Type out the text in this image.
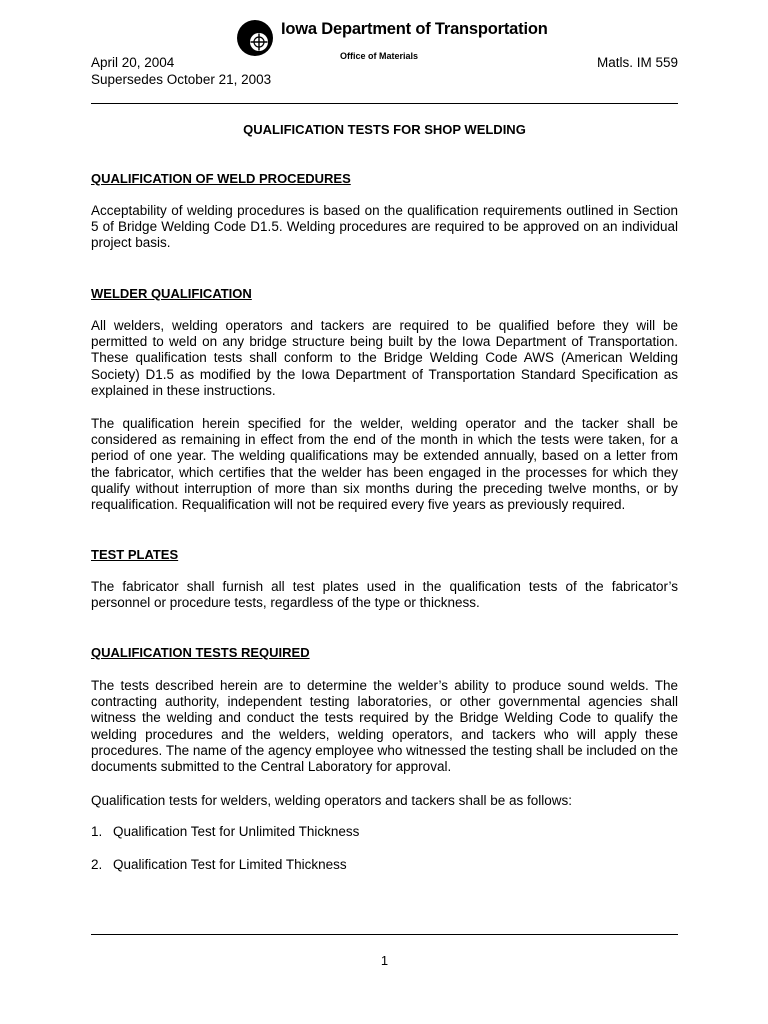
Iowa Department of Transportation
Office of Materials
April 20, 2004
Supersedes October 21, 2003
Matls. IM 559
QUALIFICATION TESTS FOR SHOP WELDING
QUALIFICATION OF WELD PROCEDURES
Acceptability of welding procedures is based on the qualification requirements outlined in Section 5 of Bridge Welding Code D1.5. Welding procedures are required to be approved on an individual project basis.
WELDER QUALIFICATION
All welders, welding operators and tackers are required to be qualified before they will be permitted to weld on any bridge structure being built by the Iowa Department of Transportation. These qualification tests shall conform to the Bridge Welding Code AWS (American Welding Society) D1.5 as modified by the Iowa Department of Transportation Standard Specification as explained in these instructions.
The qualification herein specified for the welder, welding operator and the tacker shall be considered as remaining in effect from the end of the month in which the tests were taken, for a period of one year. The welding qualifications may be extended annually, based on a letter from the fabricator, which certifies that the welder has been engaged in the processes for which they qualify without interruption of more than six months during the preceding twelve months, or by requalification. Requalification will not be required every five years as previously required.
TEST PLATES
The fabricator shall furnish all test plates used in the qualification tests of the fabricator’s personnel or procedure tests, regardless of the type or thickness.
QUALIFICATION TESTS REQUIRED
The tests described herein are to determine the welder’s ability to produce sound welds. The contracting authority, independent testing laboratories, or other governmental agencies shall witness the welding and conduct the tests required by the Bridge Welding Code to qualify the welding procedures and the welders, welding operators, and tackers who will apply these procedures. The name of the agency employee who witnessed the testing shall be included on the documents submitted to the Central Laboratory for approval.
Qualification tests for welders, welding operators and tackers shall be as follows:
1. Qualification Test for Unlimited Thickness
2. Qualification Test for Limited Thickness
1
